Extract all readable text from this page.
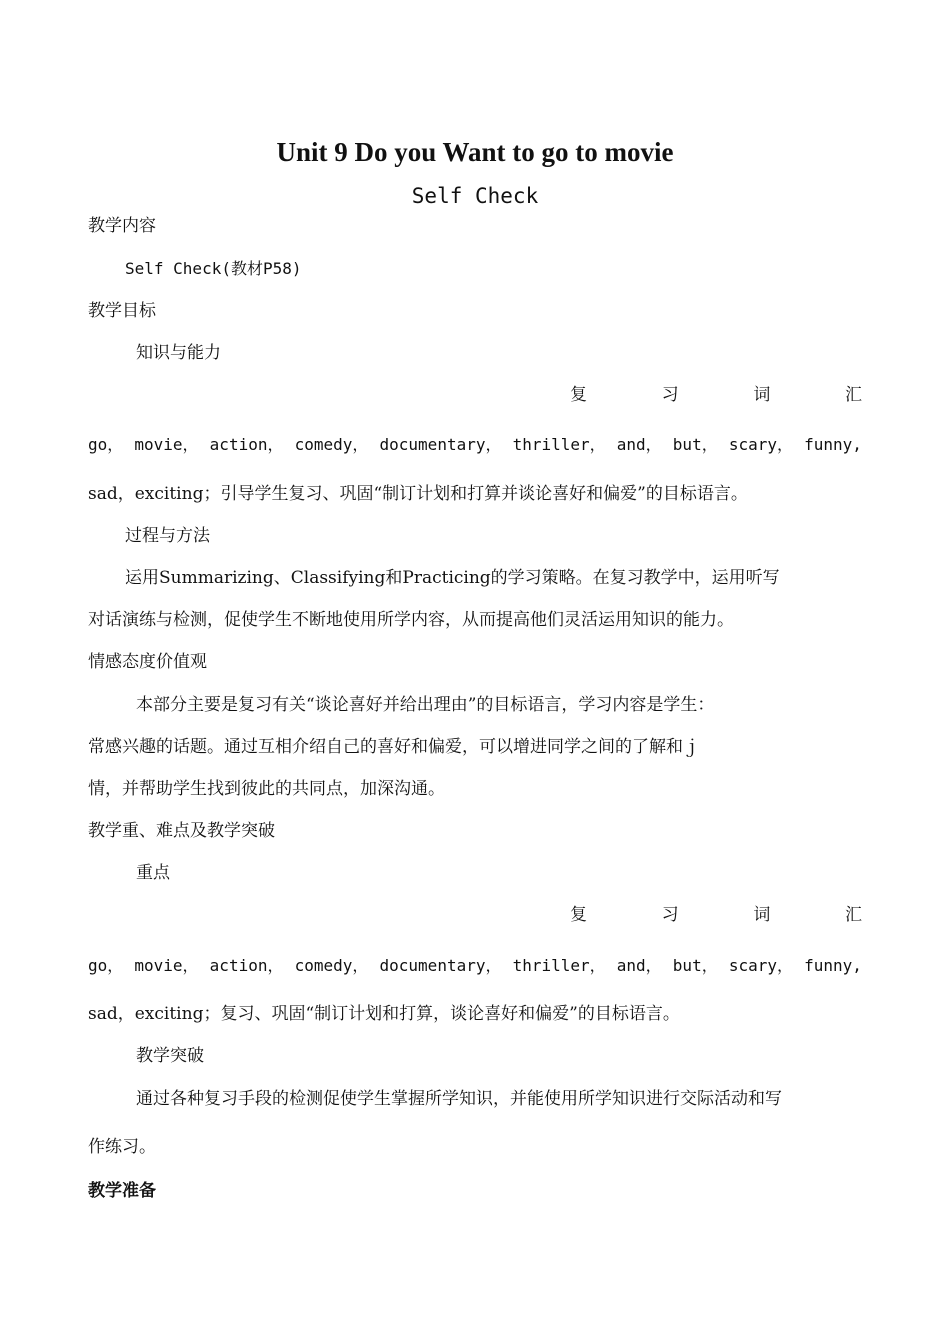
Unit 9 Do you Want to go to movie
Self Check
教学内容
Self Check(教材P58)
教学目标
知识与能力
复	习	词	汇
go， movie， action， comedy， documentary， thriller， and， but， scary， funny,
sad，exciting；引导学生复习、巩固“制订计划和打算并谈论喜好和偏爱”的目标语言。
过程与方法
运用Summarizing、Classifying和Practicing的学习策略。在复习教学中，运用听写
对话演练与检测，促使学生不断地使用所学内容，从而提高他们灵活运用知识的能力。
情感态度价值观
本部分主要是复习有关“谈论喜好并给出理由”的目标语言，学习内容是学生：
常感兴趣的话题。通过互相介绍自己的喜好和偏爱，可以增进同学之间的了解和ｊ
情，并帮助学生找到彼此的共同点，加深沟通。
教学重、难点及教学突破
重点
复	习	词	汇
go， movie， action， comedy， documentary， thriller， and， but， scary， funny,
sad，exciting；复习、巩固“制订计划和打算，谈论喜好和偏爱”的目标语言。
教学突破
通过各种复习手段的检测促使学生掌握所学知识，并能使用所学知识进行交际活动和写
作练习。
教学准备
